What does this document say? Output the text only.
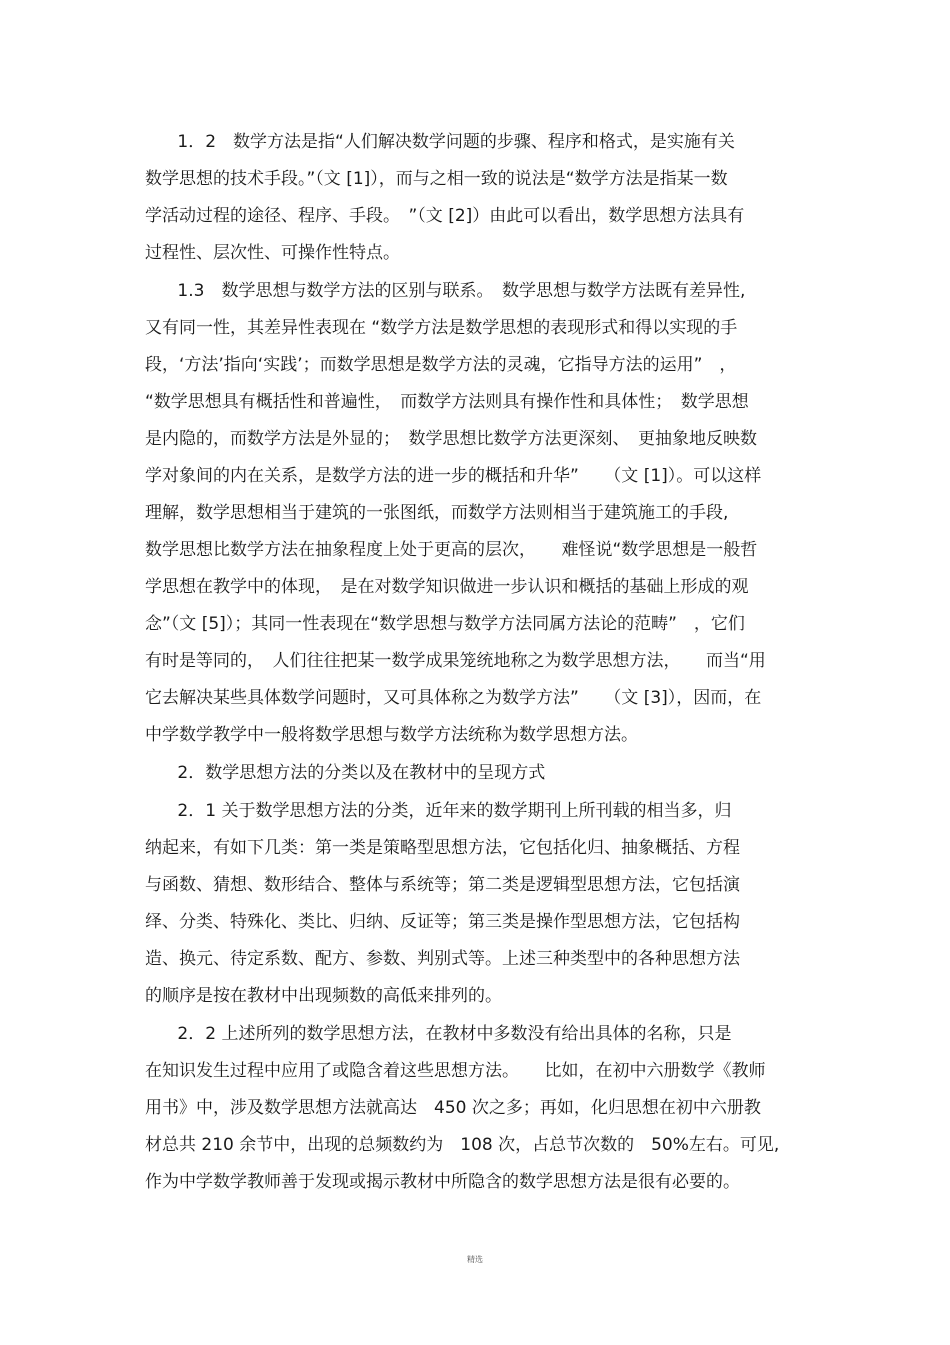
1．2　数学方法是指“人们解决数学问题的步骤、程序和格式，是实施有关
数学思想的技术手段。”（文 [1]），而与之相一致的说法是“数学方法是指某一数
学活动过程的途径、程序、手段。　”（文 [2]）由此可以看出，数学思想方法具有
过程性、层次性、可操作性特点。
1.3　数学思想与数学方法的区别与联系。　数学思想与数学方法既有差异性,
又有同一性，其差异性表现在 “数学方法是数学思想的表现形式和得以实现的手
段，‘方法’指向‘实践’；而数学思想是数学方法的灵魂，它指导方法的运用”　，
“数学思想具有概括性和普遍性，　而数学方法则具有操作性和具体性；　数学思想
是内隐的，而数学方法是外显的；　数学思想比数学方法更深刻、　更抽象地反映数
学对象间的内在关系，是数学方法的进一步的概括和升华”　　（文 [1]）。可以这样
理解，数学思想相当于建筑的一张图纸，而数学方法则相当于建筑施工的手段,
数学思想比数学方法在抽象程度上处于更高的层次，　　难怪说“数学思想是一般哲
学思想在教学中的体现，　是在对数学知识做进一步认识和概括的基础上形成的观
念”（文 [5]）；其同一性表现在“数学思想与数学方法同属方法论的范畴”　，它们
有时是等同的，　人们往往把某一数学成果笼统地称之为数学思想方法，　　而当“用
它去解决某些具体数学问题时，又可具体称之为数学方法”　　（文 [3]），因而，在
中学数学教学中一般将数学思想与数学方法统称为数学思想方法。
2．数学思想方法的分类以及在教材中的呈现方式
2．1 关于数学思想方法的分类，近年来的数学期刊上所刊载的相当多，归
纳起来，有如下几类：第一类是策略型思想方法，它包括化归、抽象概括、方程
与函数、猜想、数形结合、整体与系统等；第二类是逻辑型思想方法，它包括演
绎、分类、特殊化、类比、归纳、反证等；第三类是操作型思想方法，它包括构
造、换元、待定系数、配方、参数、判别式等。上述三种类型中的各种思想方法
的顺序是按在教材中出现频数的高低来排列的。
2．2 上述所列的数学思想方法，在教材中多数没有给出具体的名称，只是
在知识发生过程中应用了或隐含着这些思想方法。　　比如，在初中六册数学《教师
用书》中，涉及数学思想方法就高达　450 次之多；再如，化归思想在初中六册教
材总共 210 余节中，出现的总频数约为　108 次，占总节次数的　50%左右。可见,
作为中学数学教师善于发现或揭示教材中所隐含的数学思想方法是很有必要的。
精选
